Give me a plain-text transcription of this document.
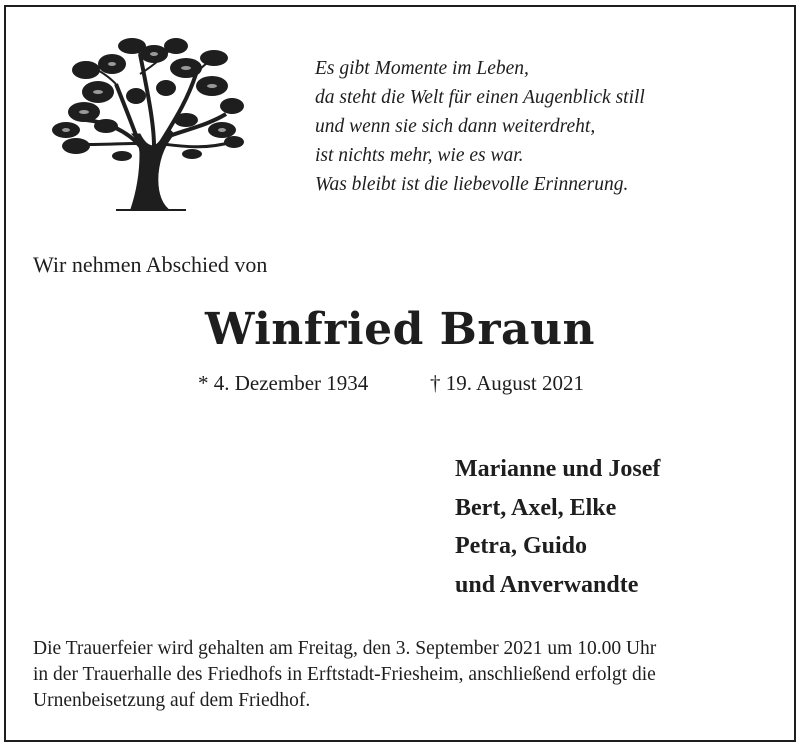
Es gibt Momente im Leben,
da steht die Welt für einen Augenblick still
und wenn sie sich dann weiterdreht,
ist nichts mehr, wie es war.
Was bleibt ist die liebevolle Erinnerung.
Wir nehmen Abschied von
Winfried Braun
* 4. Dezember 1934	† 19. August 2021
Marianne und Josef
Bert, Axel, Elke
Petra, Guido
und Anverwandte
Die Trauerfeier wird gehalten am Freitag, den 3. September 2021 um 10.00 Uhr
in der Trauerhalle des Friedhofs in Erftstadt-Friesheim, anschließend erfolgt die
Urnenbeisetzung auf dem Friedhof.
